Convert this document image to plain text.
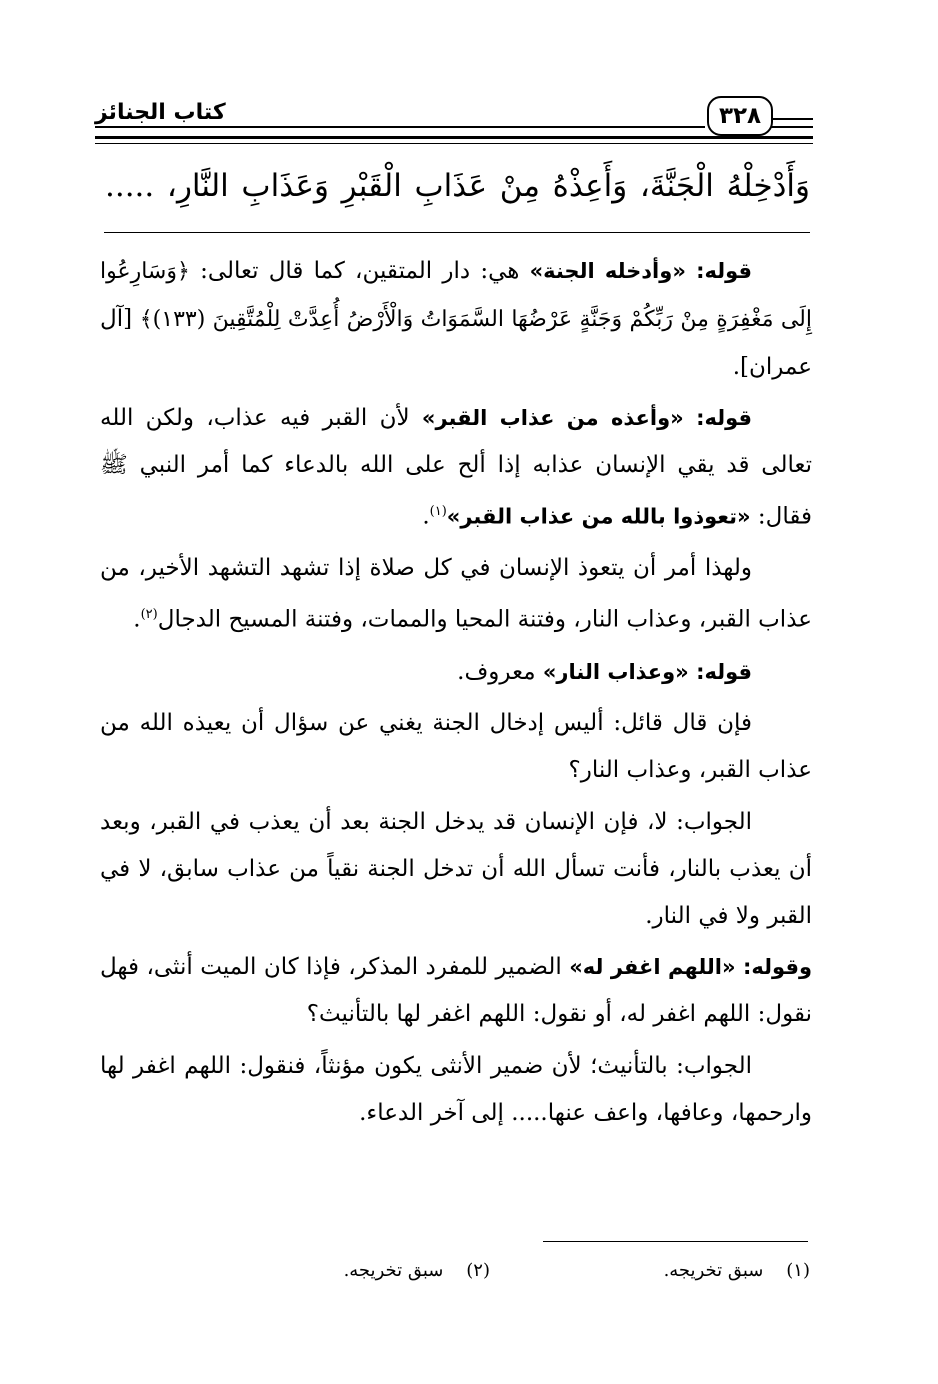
كتاب الجنائز	٣٢٨
وَأَدْخِلْهُ الْجَنَّةَ، وَأَعِذْهُ مِنْ عَذَابِ الْقَبْرِ وَعَذَابِ النَّارِ، .....

قوله: «وأدخله الجنة» هي: دار المتقين، كما قال تعالى: ﴿وَسَارِعُوا إِلَى مَغْفِرَةٍ مِنْ رَبِّكُمْ وَجَنَّةٍ عَرْضُهَا السَّمَوَاتُ وَالْأَرْضُ أُعِدَّتْ لِلْمُتَّقِينَ (١٣٣)﴾ [آل عمران].

قوله: «وأعذه من عذاب القبر» لأن القبر فيه عذاب، ولكن الله تعالى قد يقي الإنسان عذابه إذا ألح على الله بالدعاء كما أمر النبي ﷺ فقال: «تعوذوا بالله من عذاب القبر»$^{(١)}$.

ولهذا أمر أن يتعوذ الإنسان في كل صلاة إذا تشهد التشهد الأخير، من عذاب القبر، وعذاب النار، وفتنة المحيا والممات، وفتنة المسيح الدجال$^{(٢)}$.

قوله: «وعذاب النار» معروف.

فإن قال قائل: أليس إدخال الجنة يغني عن سؤال أن يعيذه الله من عذاب القبر، وعذاب النار؟

الجواب: لا، فإن الإنسان قد يدخل الجنة بعد أن يعذب في القبر، وبعد أن يعذب بالنار، فأنت تسأل الله أن تدخل الجنة نقياً من عذاب سابق، لا في القبر ولا في النار.

وقوله: «اللهم اغفر له» الضمير للمفرد المذكر، فإذا كان الميت أنثى، فهل نقول: اللهم اغفر له، أو نقول: اللهم اغفر لها بالتأنيث؟

الجواب: بالتأنيث؛ لأن ضمير الأنثى يكون مؤنثاً، فنقول: اللهم اغفر لها وارحمها، وعافها، واعف عنها..... إلى آخر الدعاء.

(١)    سبق تخريجه.
(٢)    سبق تخريجه.
